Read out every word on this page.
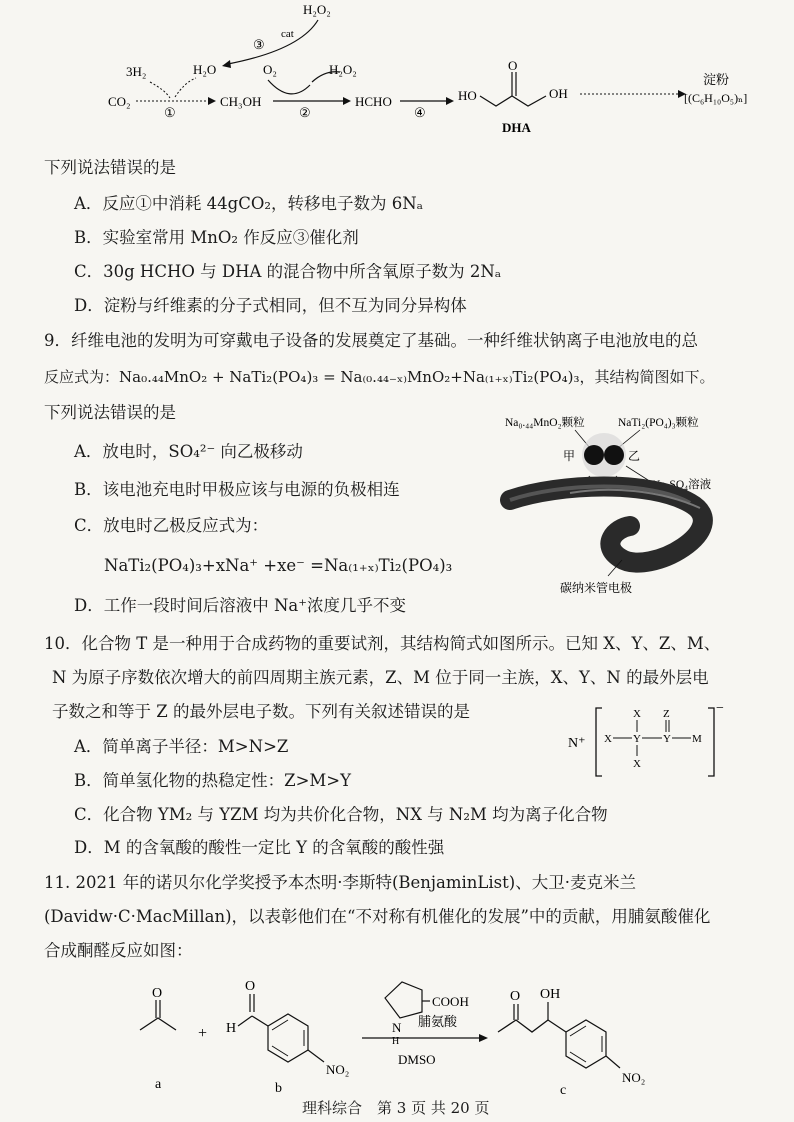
H₂O₂
cat
③
H₂O
3H₂
CO₂
①
CH₃OH
O₂	H₂O₂
②
HCHO
④
HO
O
OH
DHA
淀粉
[(C₆H₁₀O₅)ₙ]
下列说法错误的是
A．反应①中消耗 44gCO₂，转移电子数为 6Nₐ
B．实验室常用 MnO₂ 作反应③催化剂
C．30g HCHO 与 DHA 的混合物中所含氧原子数为 2Nₐ
D．淀粉与纤维素的分子式相同，但不互为同分异构体
9．纤维电池的发明为可穿戴电子设备的发展奠定了基础。一种纤维状钠离子电池放电的总
反应式为：Na₀.₄₄MnO₂ + NaTi₂(PO₄)₃ = Na₍₀.₄₄₋ₓ₎MnO₂+Na₍₁₊ₓ₎Ti₂(PO₄)₃，其结构简图如下。
下列说法错误的是
A．放电时，SO₄²⁻ 向乙极移动
B．该电池充电时甲极应该与电源的负极相连
C．放电时乙极反应式为：
NaTi₂(PO₄)₃+xNa⁺ +xe⁻ =Na₍₁₊ₓ₎Ti₂(PO₄)₃
D．工作一段时间后溶液中 Na⁺浓度几乎不变
Na₀.₄₄MnO₂颗粒	NaTi₂(PO₄)₃颗粒
甲	乙
Na₂SO₄溶液
碳纳米管电极
10．化合物 T 是一种用于合成药物的重要试剂，其结构简式如图所示。已知 X、Y、Z、M、
N 为原子序数依次增大的前四周期主族元素，Z、M 位于同一主族，X、Y、N 的最外层电
子数之和等于 Z 的最外层电子数。下列有关叙述错误的是
A．简单离子半径：M>N>Z
B．简单氢化物的热稳定性：Z>M>Y
C．化合物 YM₂ 与 YZM 均为共价化合物，NX 与 N₂M 均为离子化合物
D．M 的含氧酸的酸性一定比 Y 的含氧酸的酸性强
N⁺
−
X Y
X
X
Y
Z
M
11. 2021 年的诺贝尔化学奖授予本杰明·李斯特(BenjaminList)、大卫·麦克米兰
(Davidw·C·MacMillan)，以表彰他们在“不对称有机催化的发展”中的贡献，用脯氨酸催化
合成酮醛反应如图：
O
a
+
O
H
NO₂
b
N
H
COOH
脯氨酸
DMSO
O OH
NO₂
c
理科综合　第 3 页 共 20 页
